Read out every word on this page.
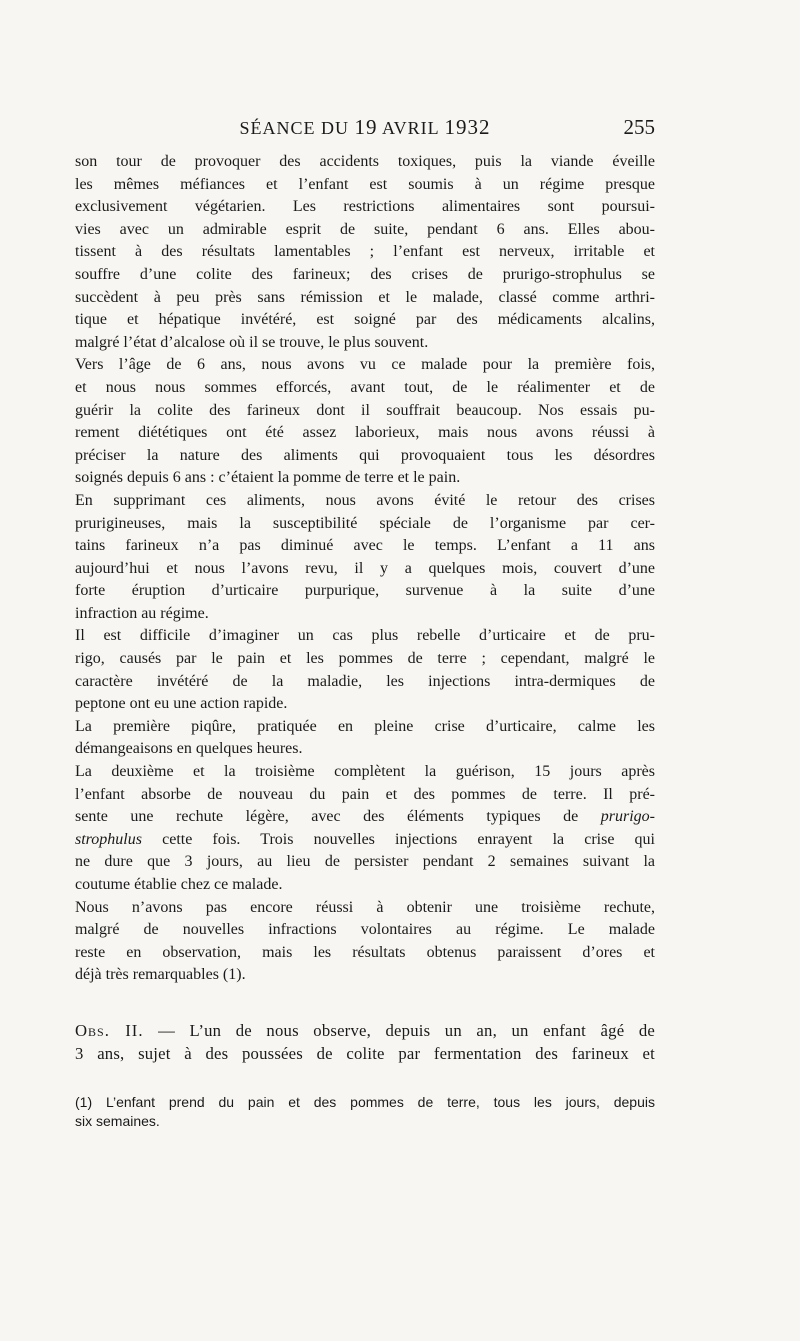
SÉANCE DU 19 AVRIL 1932	255
son tour de provoquer des accidents toxiques, puis la viande éveille
les mêmes méfiances et l’enfant est soumis à un régime presque
exclusivement végétarien. Les restrictions alimentaires sont poursui-
vies avec un admirable esprit de suite, pendant 6 ans. Elles abou-
tissent à des résultats lamentables ; l’enfant est nerveux, irritable et
souffre d’une colite des farineux; des crises de prurigo-strophulus se
succèdent à peu près sans rémission et le malade, classé comme arthri-
tique et hépatique invétéré, est soigné par des médicaments alcalins,
malgré l’état d’alcalose où il se trouve, le plus souvent.
Vers l’âge de 6 ans, nous avons vu ce malade pour la première fois,
et nous nous sommes efforcés, avant tout, de le réalimenter et de
guérir la colite des farineux dont il souffrait beaucoup. Nos essais pu-
rement diététiques ont été assez laborieux, mais nous avons réussi à
préciser la nature des aliments qui provoquaient tous les désordres
soignés depuis 6 ans : c’étaient la pomme de terre et le pain.
En supprimant ces aliments, nous avons évité le retour des crises
prurigineuses, mais la susceptibilité spéciale de l’organisme par cer-
tains farineux n’a pas diminué avec le temps. L’enfant a 11 ans
aujourd’hui et nous l’avons revu, il y a quelques mois, couvert d’une
forte éruption d’urticaire purpurique, survenue à la suite d’une
infraction au régime.
Il est difficile d’imaginer un cas plus rebelle d’urticaire et de pru-
rigo, causés par le pain et les pommes de terre ; cependant, malgré le
caractère invétéré de la maladie, les injections intra-dermiques de
peptone ont eu une action rapide.
La première piqûre, pratiquée en pleine crise d’urticaire, calme les
démangeaisons en quelques heures.
La deuxième et la troisième complètent la guérison, 15 jours après
l’enfant absorbe de nouveau du pain et des pommes de terre. Il pré-
sente une rechute légère, avec des éléments typiques de prurigo-
strophulus cette fois. Trois nouvelles injections enrayent la crise qui
ne dure que 3 jours, au lieu de persister pendant 2 semaines suivant la
coutume établie chez ce malade.
Nous n’avons pas encore réussi à obtenir une troisième rechute,
malgré de nouvelles infractions volontaires au régime. Le malade
reste en observation, mais les résultats obtenus paraissent d’ores et
déjà très remarquables (1).
Obs. II. — L’un de nous observe, depuis un an, un enfant âgé de
3 ans, sujet à des poussées de colite par fermentation des farineux et
(1) L’enfant prend du pain et des pommes de terre, tous les jours, depuis
six semaines.
